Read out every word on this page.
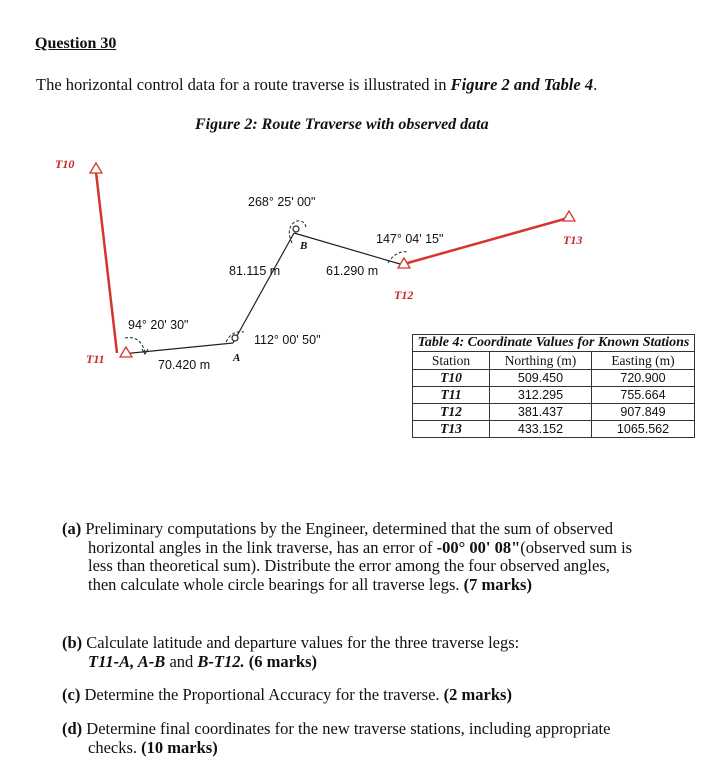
Question 30
The horizontal control data for a route traverse is illustrated in Figure 2 and Table 4.
Figure 2: Route Traverse with observed data
T10
T11
T12
T13
A
B
268° 25' 00"
147° 04' 15"
94° 20' 30"
112° 00' 50"
81.115 m	61.290 m
70.420 m
Table 4: Coordinate Values for Known Stations		
Station	Northing (m)	Easting (m)
T10	509.450	720.900
T11	312.295	755.664
T12	381.437	907.849
T13	433.152	1065.562
(a) Preliminary computations by the Engineer, determined that the sum of observed
horizontal angles in the link traverse, has an error of -00° 00' 08"(observed sum is
less than theoretical sum). Distribute the error among the four observed angles,
then calculate whole circle bearings for all traverse legs. (7 marks)
(b) Calculate latitude and departure values for the three traverse legs:
T11-A, A-B and B-T12. (6 marks)
(c) Determine the Proportional Accuracy for the traverse. (2 marks)
(d) Determine final coordinates for the new traverse stations, including appropriate
checks. (10 marks)
